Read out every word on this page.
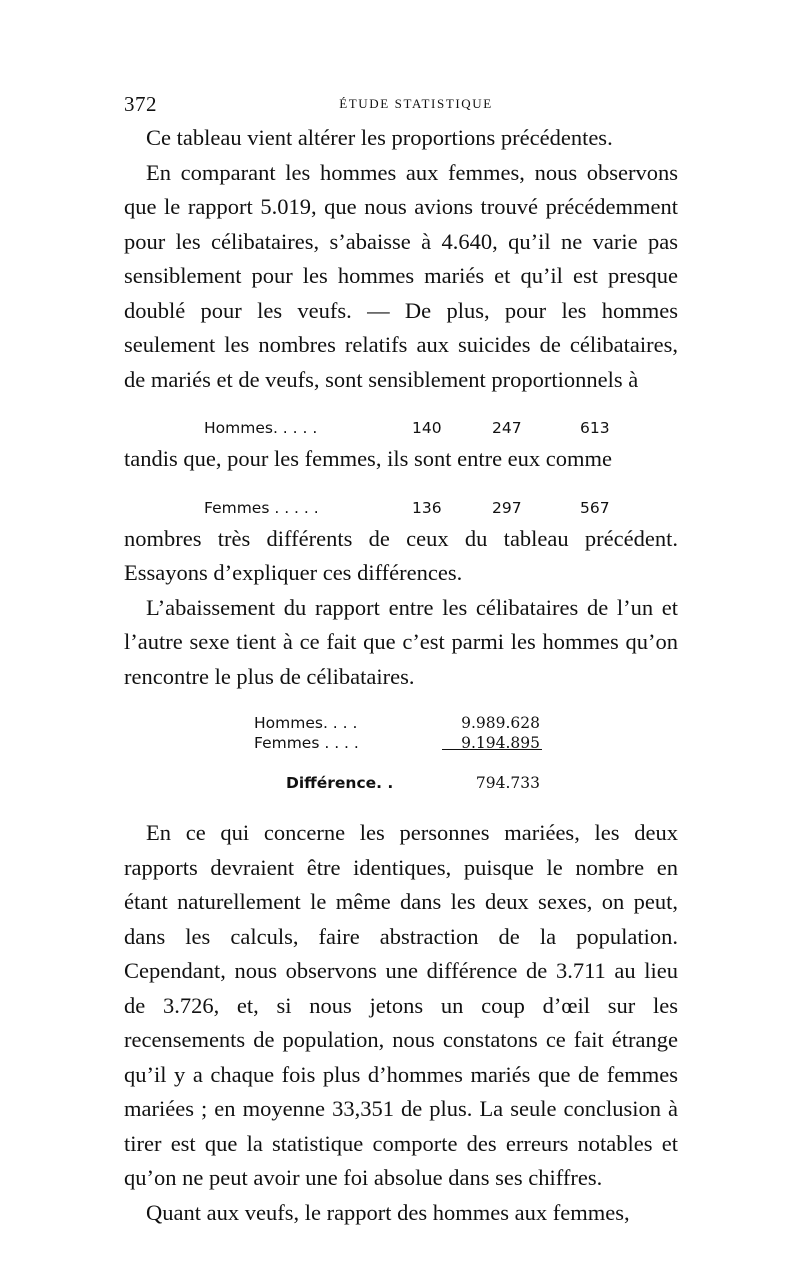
372	ÉTUDE STATISTIQUE

Ce tableau vient altérer les proportions précédentes.

En comparant les hommes aux femmes, nous observons que le rapport 5.019, que nous avions trouvé précédemment pour les célibataires, s’abaisse à 4.640, qu’il ne varie pas sensiblement pour les hommes mariés et qu’il est presque doublé pour les veufs. — De plus, pour les hommes seulement les nombres relatifs aux suicides de célibataires, de mariés et de veufs, sont sensiblement proportionnels à

Hommes. . . . .	140	247	613

tandis que, pour les femmes, ils sont entre eux comme

Femmes . . . . .	136	297	567

nombres très différents de ceux du tableau précédent. Essayons d’expliquer ces différences.

L’abaissement du rapport entre les célibataires de l’un et l’autre sexe tient à ce fait que c’est parmi les hommes qu’on rencontre le plus de célibataires.

Hommes. . . .	9.989.628
Femmes . . . .	9.194.895
Différence. .	794.733

En ce qui concerne les personnes mariées, les deux rapports devraient être identiques, puisque le nombre en étant naturellement le même dans les deux sexes, on peut, dans les calculs, faire abstraction de la population. Cependant, nous observons une différence de 3.711 au lieu de 3.726, et, si nous jetons un coup d’œil sur les recensements de population, nous constatons ce fait étrange qu’il y a chaque fois plus d’hommes mariés que de femmes mariées ; en moyenne 33,351 de plus. La seule conclusion à tirer est que la statistique comporte des erreurs notables et qu’on ne peut avoir une foi absolue dans ses chiffres.

Quant aux veufs, le rapport des hommes aux femmes,
